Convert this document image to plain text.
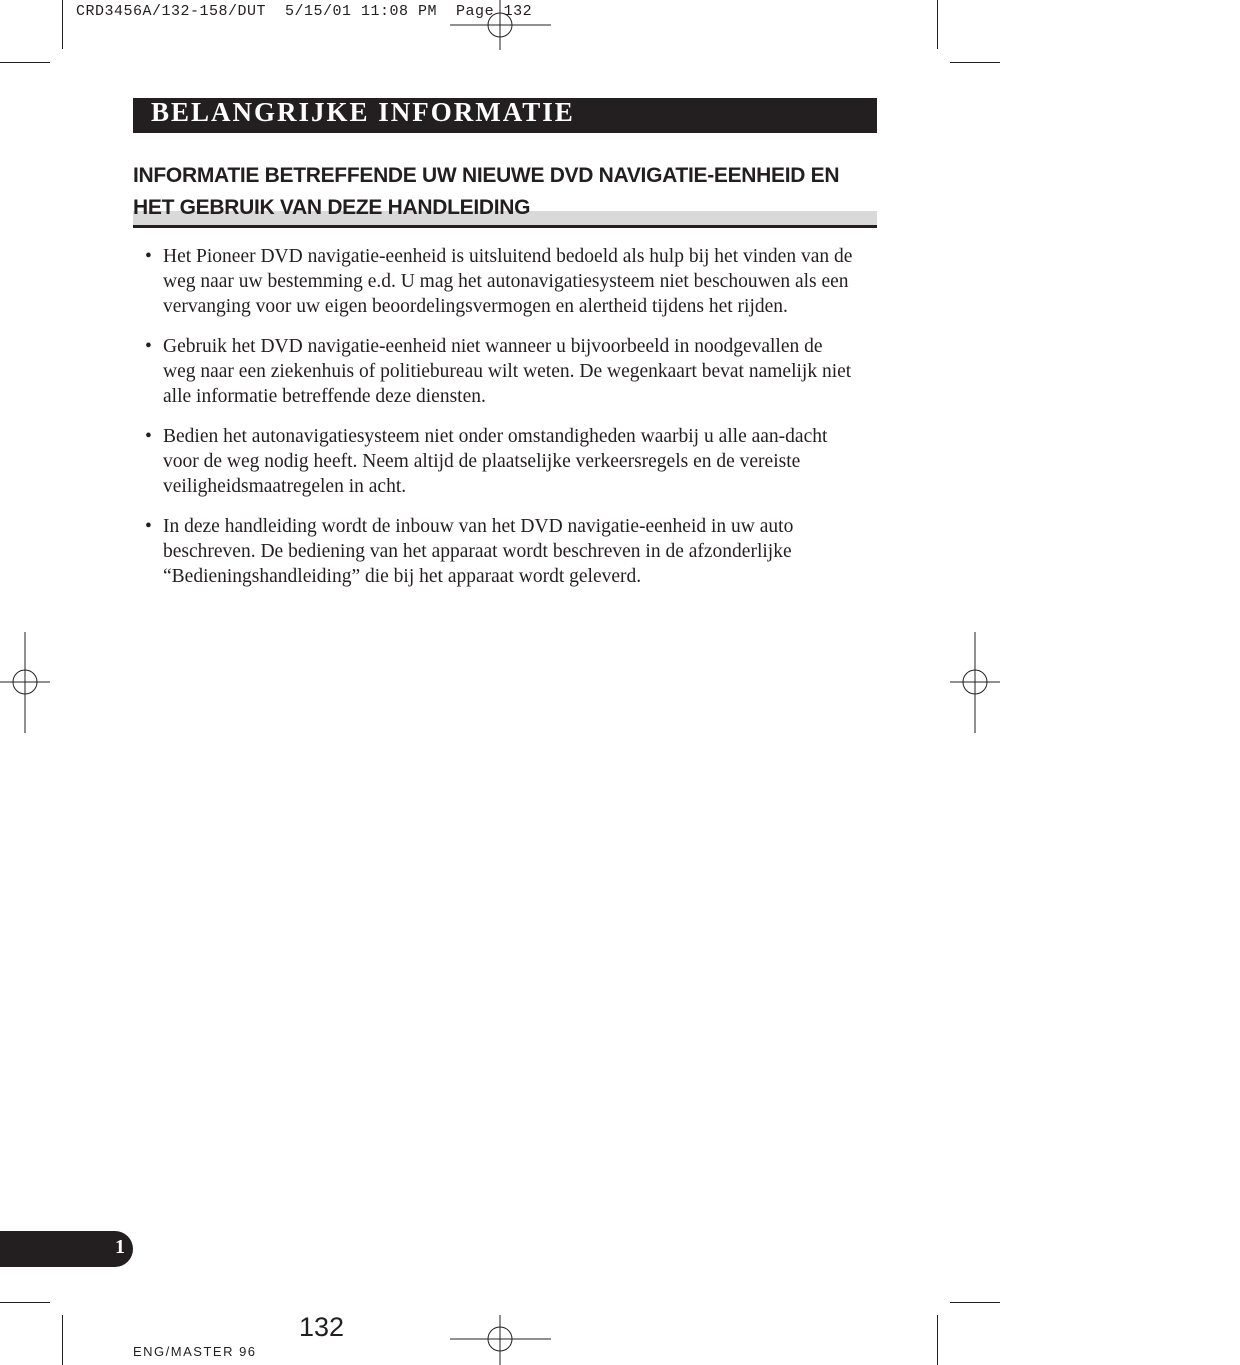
CRD3456A/132-158/DUT  5/15/01 11:08 PM  Page 132
BELANGRIJKE INFORMATIE
INFORMATIE BETREFFENDE UW NIEUWE DVD NAVIGATIE-EENHEID EN
HET GEBRUIK VAN DEZE HANDLEIDING
• Het Pioneer DVD navigatie-eenheid is uitsluitend bedoeld als hulp bij het vinden van de weg naar uw bestemming e.d. U mag het autonavigatiesysteem niet beschouwen als een vervanging voor uw eigen beoordelingsvermogen en alertheid tijdens het rijden.
• Gebruik het DVD navigatie-eenheid niet wanneer u bijvoorbeeld in noodgevallen de weg naar een ziekenhuis of politiebureau wilt weten. De wegenkaart bevat namelijk niet alle informatie betreffende deze diensten.
• Bedien het autonavigatiesysteem niet onder omstandigheden waarbij u alle aan-dacht voor de weg nodig heeft. Neem altijd de plaatselijke verkeersregels en de vereiste veiligheidsmaatregelen in acht.
• In deze handleiding wordt de inbouw van het DVD navigatie-eenheid in uw auto beschreven. De bediening van het apparaat wordt beschreven in de afzonderlijke “Bedieningshandleiding” die bij het apparaat wordt geleverd.
1
132
ENG/MASTER 96
